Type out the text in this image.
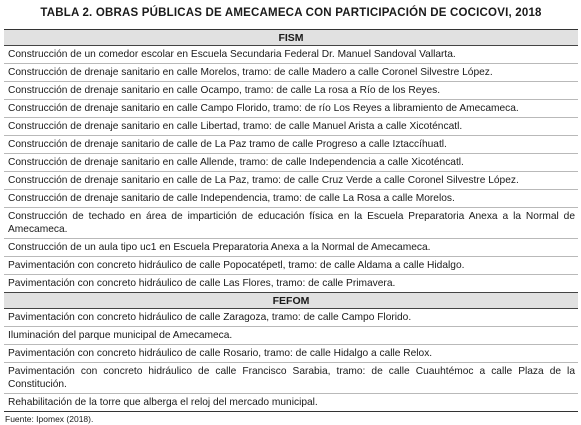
TABLA 2. OBRAS PÚBLICAS DE AMECAMECA CON PARTICIPACIÓN DE COCICOVI, 2018
FISM
Construcción de un comedor escolar en Escuela Secundaria Federal Dr. Manuel Sandoval Vallarta.
Construcción de drenaje sanitario en calle Morelos, tramo: de calle Madero a calle Coronel Silvestre López.
Construcción de drenaje sanitario en calle Ocampo, tramo: de calle La rosa a Río de los Reyes.
Construcción de drenaje sanitario en calle Campo Florido, tramo: de río Los Reyes a libramiento de Amecameca.
Construcción de drenaje sanitario en calle Libertad, tramo: de calle Manuel Arista a calle Xicoténcatl.
Construcción de drenaje sanitario de calle de La Paz tramo de calle Progreso a calle Iztaccíhuatl.
Construcción de drenaje sanitario en calle Allende, tramo: de calle Independencia a calle Xicoténcatl.
Construcción de drenaje sanitario en calle de La Paz, tramo: de calle Cruz Verde a calle Coronel Silvestre López.
Construcción de drenaje sanitario de calle Independencia, tramo: de calle La Rosa a calle Morelos.
Construcción de techado en área de impartición de educación física en la Escuela Preparatoria Anexa a la Normal de Amecameca.
Construcción de un aula tipo uc1 en Escuela Preparatoria Anexa a la Normal de Amecameca.
Pavimentación con concreto hidráulico de calle Popocatépetl, tramo: de calle Aldama a calle Hidalgo.
Pavimentación con concreto hidráulico de calle Las Flores, tramo: de calle Primavera.
FEFOM
Pavimentación con concreto hidráulico de calle Zaragoza, tramo: de calle Campo Florido.
Iluminación del parque municipal de Amecameca.
Pavimentación con concreto hidráulico de calle Rosario, tramo: de calle Hidalgo a calle Relox.
Pavimentación con concreto hidráulico de calle Francisco Sarabia, tramo: de calle Cuauhtémoc a calle Plaza de la Constitución.
Rehabilitación de la torre que alberga el reloj del mercado municipal.
Fuente: Ipomex (2018).
